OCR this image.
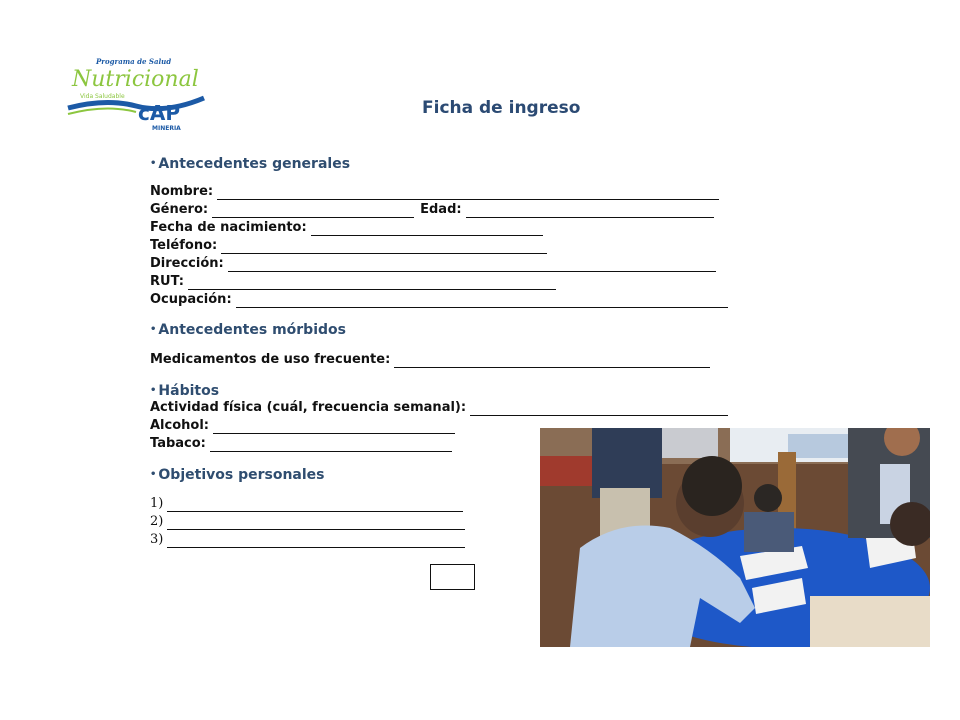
Programa de Salud
Nutricional
Vida Saludable
cAP
MINERIA
Ficha de ingreso
• Antecedentes generales
Nombre:
Género:	Edad:
Fecha de nacimiento:
Teléfono:
Dirección:
RUT:
Ocupación:
• Antecedentes mórbidos
Medicamentos de uso frecuente:
• Hábitos
Actividad física (cuál, frecuencia semanal):
Alcohol:
Tabaco:
• Objetivos personales
1)
2)
3)
